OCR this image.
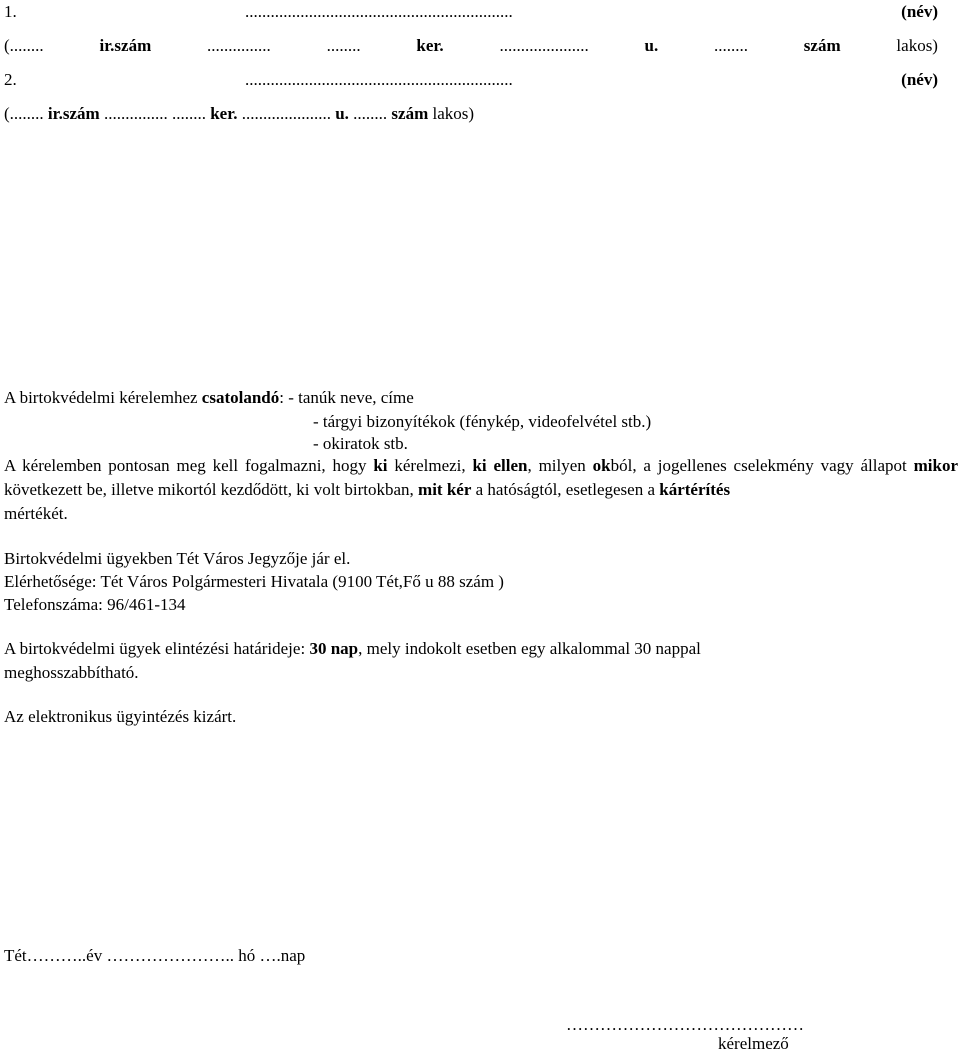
1.	...............................................................	(név)
(........	ir.szám	...............	........	ker.	.....................	u.	........	szám	lakos)
2.	...............................................................	(név)
(........ ir.szám ............... ........ ker. ..................... u. ........ szám lakos)
A birtokvédelmi kérelemhez csatolandó: - tanúk neve, címe
- tárgyi bizonyítékok (fénykép, videofelvétel stb.)
- okiratok stb.
A kérelemben pontosan meg kell fogalmazni, hogy ki kérelmezi, ki ellen, milyen okból, a jogellenes cselekmény vagy állapot mikor következett be, illetve mikortól kezdődött, ki volt birtokban, mit kér a hatóságtól, esetlegesen a kártérítés
mértékét.
Birtokvédelmi ügyekben Tét Város Jegyzője jár el.
Elérhetősége: Tét Város Polgármesteri Hivatala (9100 Tét,Fő u 88 szám )
Telefonszáma: 96/461-134
A birtokvédelmi ügyek elintézési határideje: 30 nap, mely indokolt esetben egy alkalommal 30 nappal
meghosszabbítható.
Az elektronikus ügyintézés kizárt.
Tét………..év ………………….. hó ….nap
……………………………………
kérelmező
